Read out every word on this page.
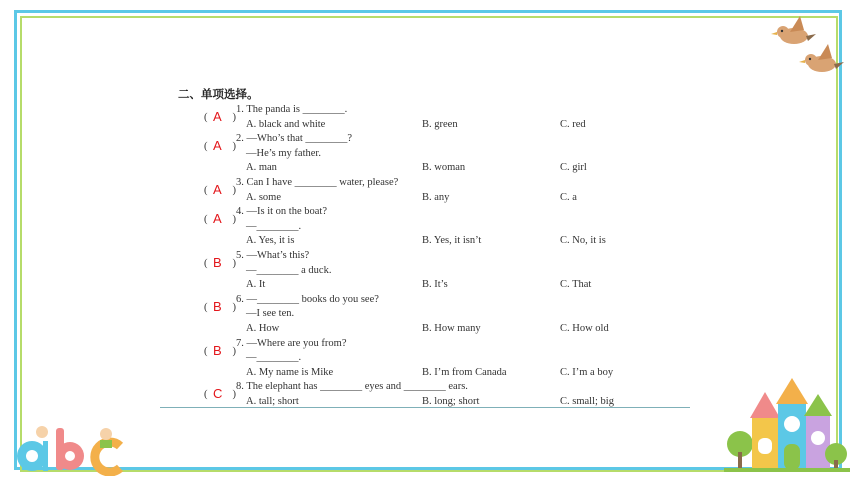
二、单项选择。
( A )
1. The panda is ________.
A. black and white	B. green	C. red
( A )
2. —Who’s that ________?
—He’s my father.
A. man	B. woman	C. girl
( A )
3. Can I have ________ water, please?
A. some	B. any	C. a
( A )
4. —Is it on the boat?
—________.
A. Yes, it is	B. Yes, it isn’t	C. No, it is
( B )
5. —What’s this?
—________ a duck.
A. It	B. It’s	C. That
( B )
6. —________ books do you see?
—I see ten.
A. How	B. How many	C. How old
( B )
7. —Where are you from?
—________.
A. My name is Mike	B. I’m from Canada	C. I’m a boy
( C )
8. The elephant has ________ eyes and ________ ears.
A. tall; short	B. long; short	C. small; big
